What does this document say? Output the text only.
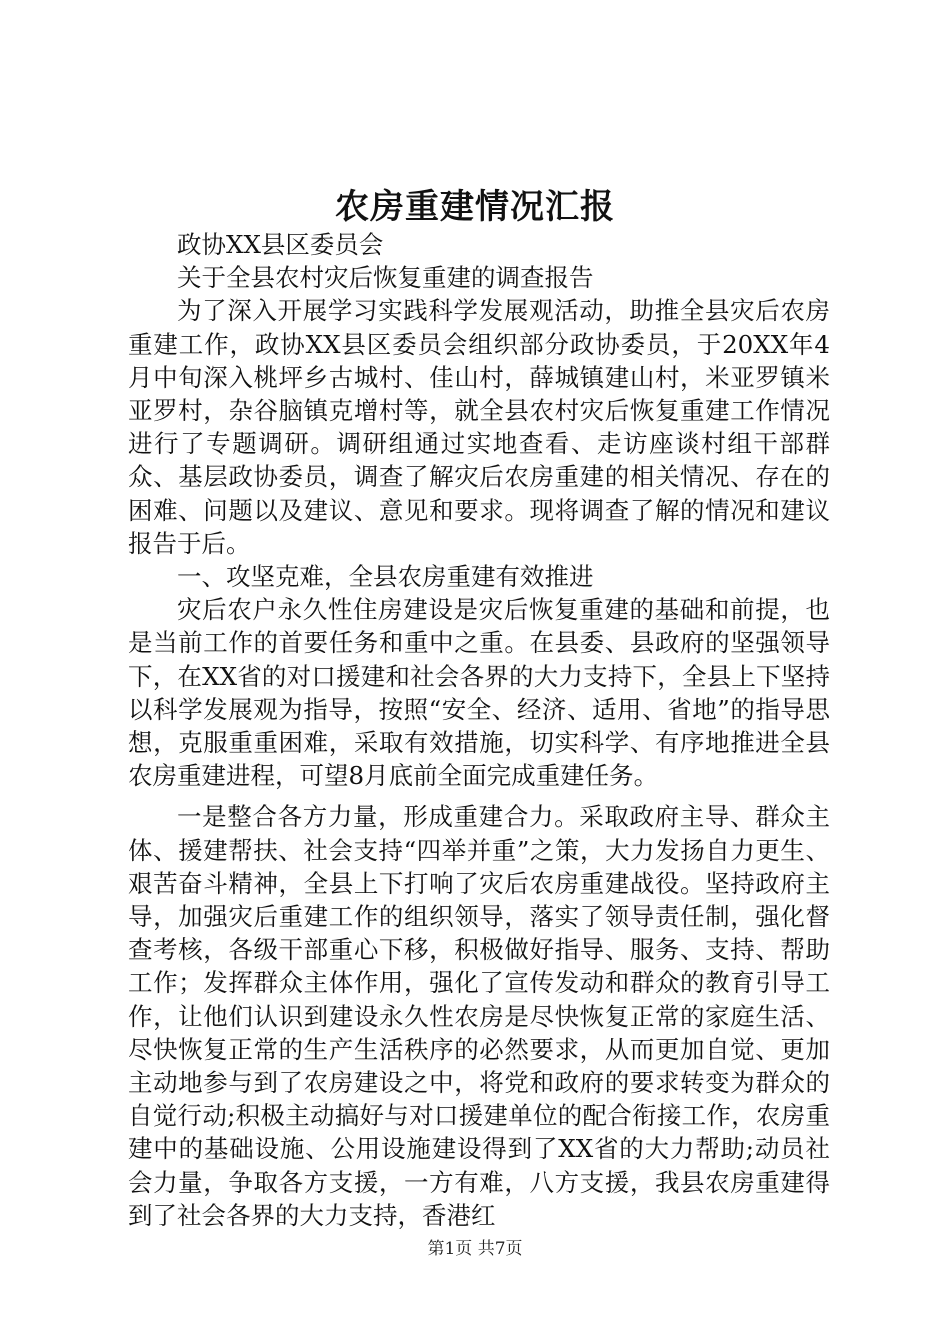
农房重建情况汇报

政协XX县区委员会

关于全县农村灾后恢复重建的调查报告

为了深入开展学习实践科学发展观活动，助推全县灾后农房重建工作，政协XX县区委员会组织部分政协委员，于20XX年4月中旬深入桃坪乡古城村、佳山村，薛城镇建山村，米亚罗镇米亚罗村，杂谷脑镇克增村等，就全县农村灾后恢复重建工作情况进行了专题调研。调研组通过实地查看、走访座谈村组干部群众、基层政协委员，调查了解灾后农房重建的相关情况、存在的困难、问题以及建议、意见和要求。现将调查了解的情况和建议报告于后。

一、攻坚克难，全县农房重建有效推进

灾后农户永久性住房建设是灾后恢复重建的基础和前提，也是当前工作的首要任务和重中之重。在县委、县政府的坚强领导下，在XX省的对口援建和社会各界的大力支持下，全县上下坚持以科学发展观为指导，按照“安全、经济、适用、省地”的指导思想，克服重重困难，采取有效措施，切实科学、有序地推进全县农房重建进程，可望8月底前全面完成重建任务。

一是整合各方力量，形成重建合力。采取政府主导、群众主体、援建帮扶、社会支持“四举并重”之策，大力发扬自力更生、艰苦奋斗精神，全县上下打响了灾后农房重建战役。坚持政府主导，加强灾后重建工作的组织领导，落实了领导责任制，强化督查考核，各级干部重心下移，积极做好指导、服务、支持、帮助工作；发挥群众主体作用，强化了宣传发动和群众的教育引导工作，让他们认识到建设永久性农房是尽快恢复正常的家庭生活、尽快恢复正常的生产生活秩序的必然要求，从而更加自觉、更加主动地参与到了农房建设之中，将党和政府的要求转变为群众的自觉行动;积极主动搞好与对口援建单位的配合衔接工作，农房重建中的基础设施、公用设施建设得到了XX省的大力帮助;动员社会力量，争取各方支援，一方有难，八方支援，我县农房重建得到了社会各界的大力支持，香港红

第1页 共7页
